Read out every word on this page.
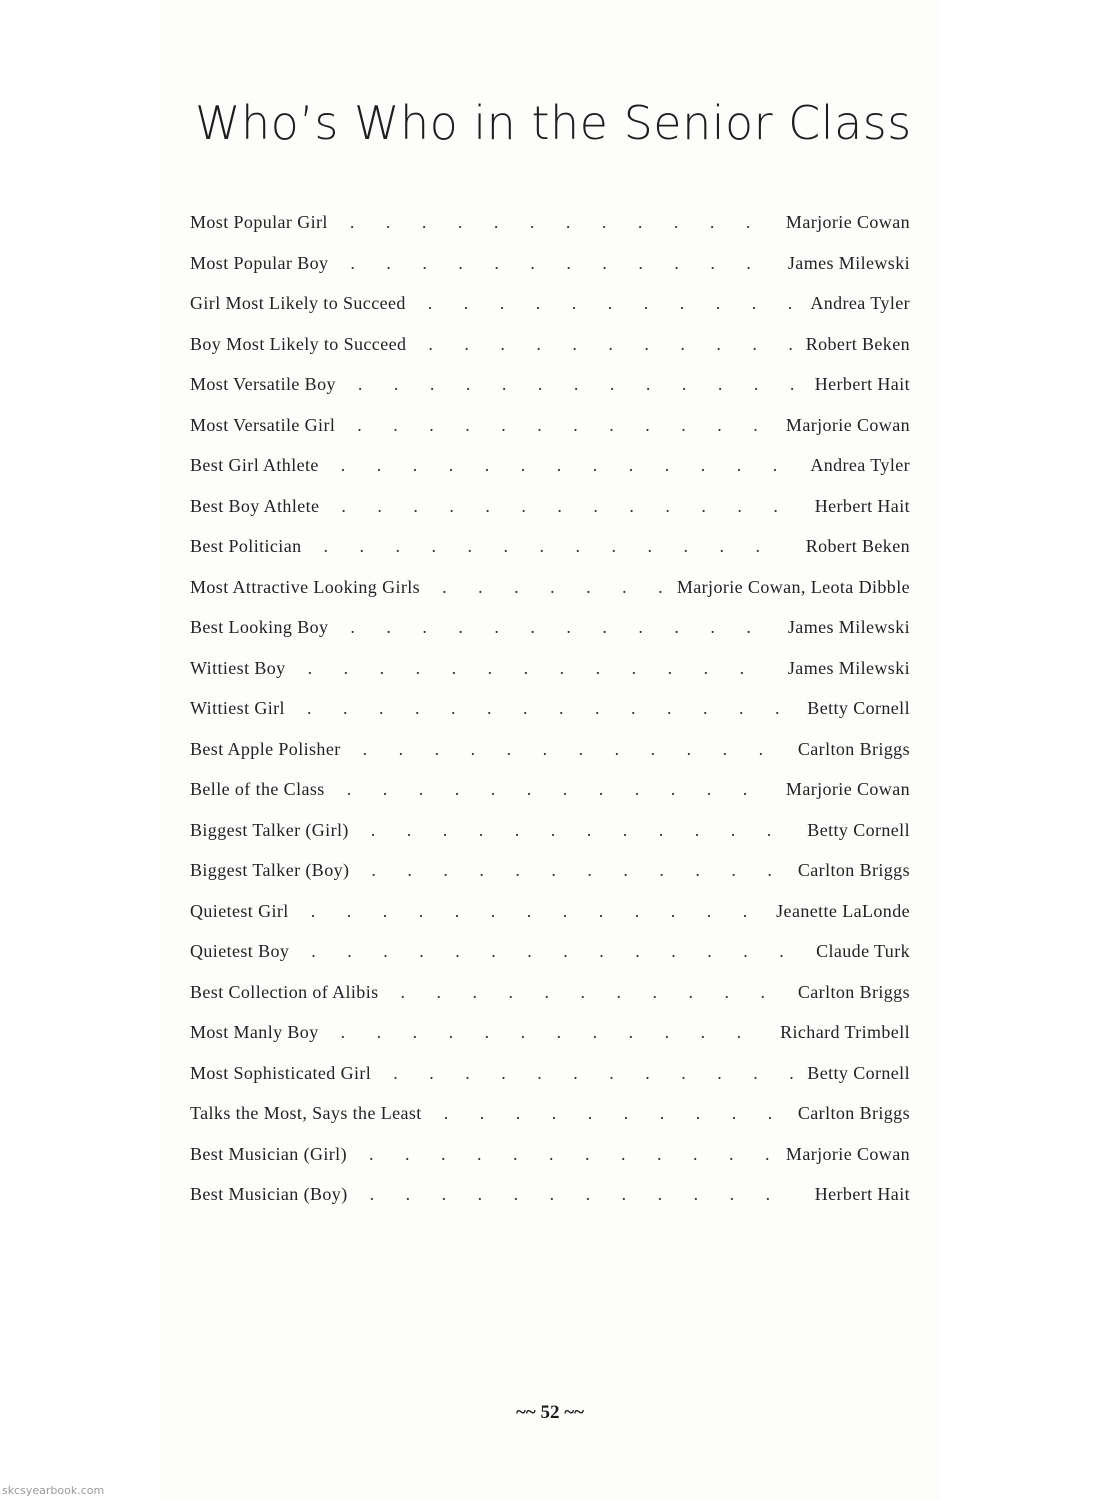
Who’s Who in the Senior Class
Most Popular Girl .	Marjorie Cowan
Most Popular Boy .	James Milewski
Girl Most Likely to Succeed .	Andrea Tyler
Boy Most Likely to Succeed .	Robert Beken
Most Versatile Boy .	Herbert Hait
Most Versatile Girl .	Marjorie Cowan
Best Girl Athlete .	Andrea Tyler
Best Boy Athlete .	Herbert Hait
Best Politician .	Robert Beken
Most Attractive Looking Girls .	Marjorie Cowan, Leota Dibble
Best Looking Boy .	James Milewski
Wittiest Boy .	James Milewski
Wittiest Girl .	Betty Cornell
Best Apple Polisher .	Carlton Briggs
Belle of the Class .	Marjorie Cowan
Biggest Talker (Girl) .	Betty Cornell
Biggest Talker (Boy) .	Carlton Briggs
Quietest Girl .	Jeanette LaLonde
Quietest Boy .	Claude Turk
Best Collection of Alibis .	Carlton Briggs
Most Manly Boy .	Richard Trimbell
Most Sophisticated Girl .	Betty Cornell
Talks the Most, Says the Least .	Carlton Briggs
Best Musician (Girl) .	Marjorie Cowan
Best Musician (Boy) .	Herbert Hait

~~ 52 ~~

skcsyearbook.com
